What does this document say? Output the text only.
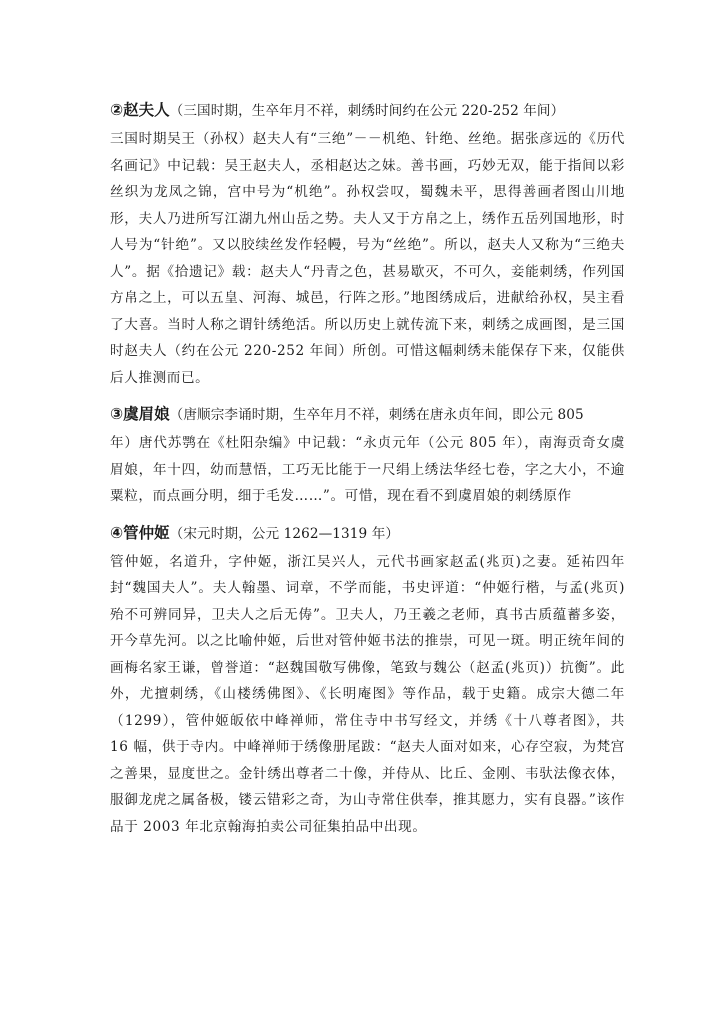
②赵夫人（三国时期，生卒年月不祥，刺绣时间约在公元 220-252 年间）

三国时期吴王（孙权）赵夫人有“三绝”－－机绝、针绝、丝绝。据张彦远的《历代名画记》中记载：吴王赵夫人，丞相赵达之妹。善书画，巧妙无双，能于指间以彩丝织为龙凤之锦，宫中号为“机绝”。孙权尝叹，蜀魏未平，思得善画者图山川地形，夫人乃进所写江湖九州山岳之势。夫人又于方帛之上，绣作五岳列国地形，时人号为“针绝”。又以胶续丝发作轻幔，号为“丝绝”。所以，赵夫人又称为“三绝夫人”。据《拾遗记》载：赵夫人“丹青之色，甚易歇灭，不可久，妾能刺绣，作列国方帛之上，可以五皇、河海、城邑，行阵之形。”地图绣成后，进献给孙权，吴主看了大喜。当时人称之谓针绣绝活。所以历史上就传流下来，刺绣之成画图，是三国时赵夫人（约在公元 220-252 年间）所创。可惜这幅刺绣未能保存下来，仅能供后人推测而已。

③虞眉娘（唐顺宗李诵时期，生卒年月不祥，刺绣在唐永贞年间，即公元 805

年）唐代苏鹗在《杜阳杂编》中记载：“永贞元年（公元 805 年），南海贡奇女虞眉娘，年十四，幼而慧悟，工巧无比能于一尺绢上绣法华经七卷，字之大小，不逾粟粒，而点画分明，细于毛发……”。可惜，现在看不到虞眉娘的刺绣原作

④管仲姬（宋元时期，公元 1262—1319 年）

管仲姬，名道升，字仲姬，浙江吴兴人，元代书画家赵孟(兆页)之妻。延祐四年封“魏国夫人”。夫人翰墨、词章，不学而能，书史评道：“仲姬行楷，与孟(兆页)殆不可辨同异，卫夫人之后无俦”。卫夫人，乃王羲之老师，真书古质蕴蓄多姿，开今草先河。以之比喻仲姬，后世对管仲姬书法的推崇，可见一斑。明正统年间的画梅名家王谦，曾誉道：“赵魏国敬写佛像，笔致与魏公（赵孟(兆页)）抗衡”。此外，尤擅刺绣，《山楼绣佛图》、《长明庵图》等作品，载于史籍。成宗大德二年（1299），管仲姬皈依中峰禅师，常住寺中书写经文，并绣《十八尊者图》，共 16 幅，供于寺内。中峰禅师于绣像册尾跋：“赵夫人面对如来，心存空寂，为梵宫之善果，显度世之。金针绣出尊者二十像，并侍从、比丘、金刚、韦驮法像衣体，服御龙虎之属备极，镂云错彩之奇，为山寺常住供奉，推其愿力，实有良器。”该作品于 2003 年北京翰海拍卖公司征集拍品中出现。
